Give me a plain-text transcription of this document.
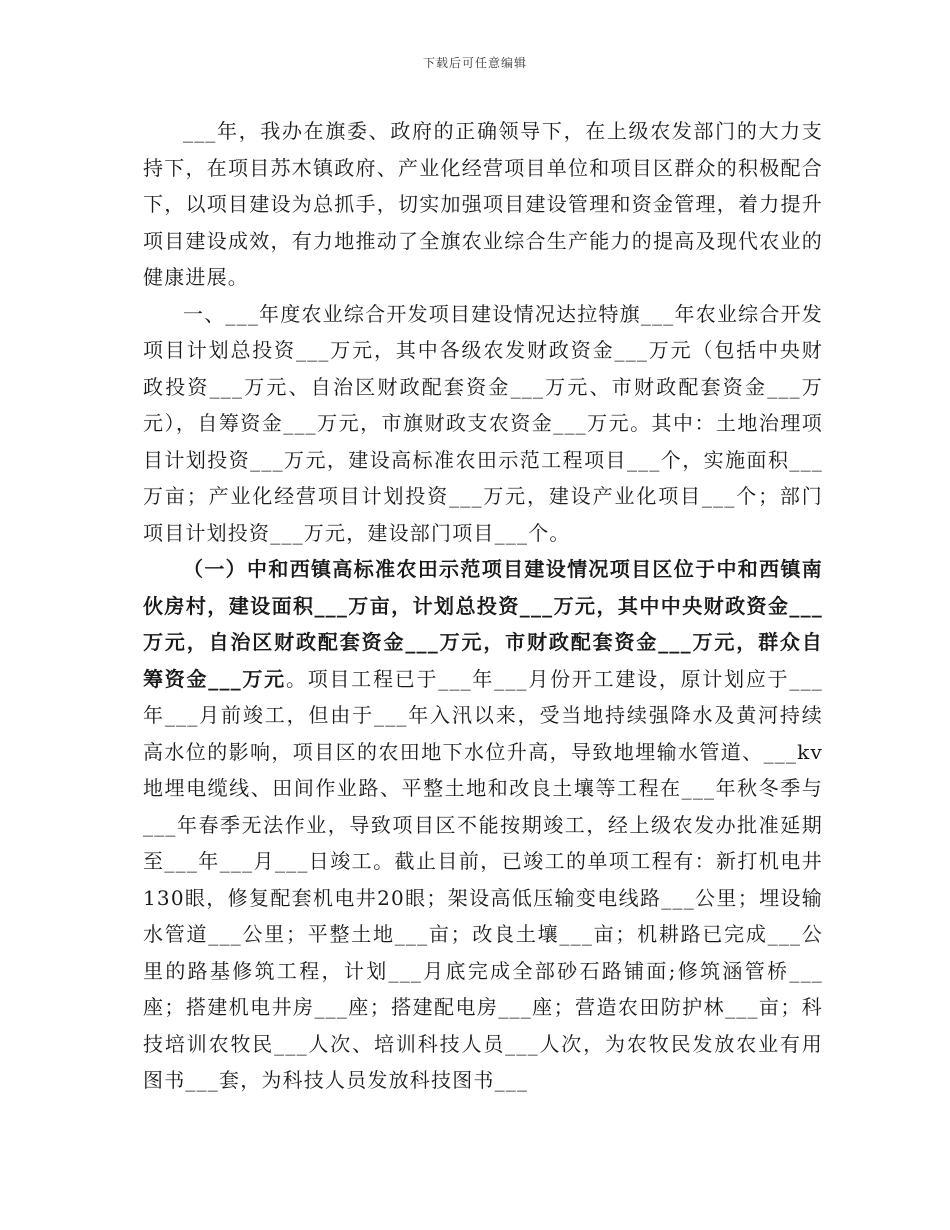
下载后可任意编辑

___年，我办在旗委、政府的正确领导下，在上级农发部门的大力支持下，在项目苏木镇政府、产业化经营项目单位和项目区群众的积极配合下，以项目建设为总抓手，切实加强项目建设管理和资金管理，着力提升项目建设成效，有力地推动了全旗农业综合生产能力的提高及现代农业的健康进展。

一、___年度农业综合开发项目建设情况达拉特旗___年农业综合开发项目计划总投资___万元，其中各级农发财政资金___万元（包括中央财政投资___万元、自治区财政配套资金___万元、市财政配套资金___万元），自筹资金___万元，市旗财政支农资金___万元。其中：土地治理项目计划投资___万元，建设高标准农田示范工程项目___个，实施面积___万亩；产业化经营项目计划投资___万元，建设产业化项目___个；部门项目计划投资___万元，建设部门项目___个。

（一）中和西镇高标准农田示范项目建设情况项目区位于中和西镇南伙房村，建设面积___万亩，计划总投资___万元，其中中央财政资金___万元，自治区财政配套资金___万元，市财政配套资金___万元，群众自筹资金___万元。项目工程已于___年___月份开工建设，原计划应于___年___月前竣工，但由于___年入汛以来，受当地持续强降水及黄河持续高水位的影响，项目区的农田地下水位升高，导致地埋输水管道、___kv地埋电缆线、田间作业路、平整土地和改良土壤等工程在___年秋冬季与___年春季无法作业，导致项目区不能按期竣工，经上级农发办批准延期至___年___月___日竣工。截止目前，已竣工的单项工程有：新打机电井130眼，修复配套机电井20眼；架设高低压输变电线路___公里；埋设输水管道___公里；平整土地___亩；改良土壤___亩；机耕路已完成___公里的路基修筑工程，计划___月底完成全部砂石路铺面;修筑涵管桥___座；搭建机电井房___座；搭建配电房___座；营造农田防护林___亩；科技培训农牧民___人次、培训科技人员___人次，为农牧民发放农业有用图书___套，为科技人员发放科技图书___
